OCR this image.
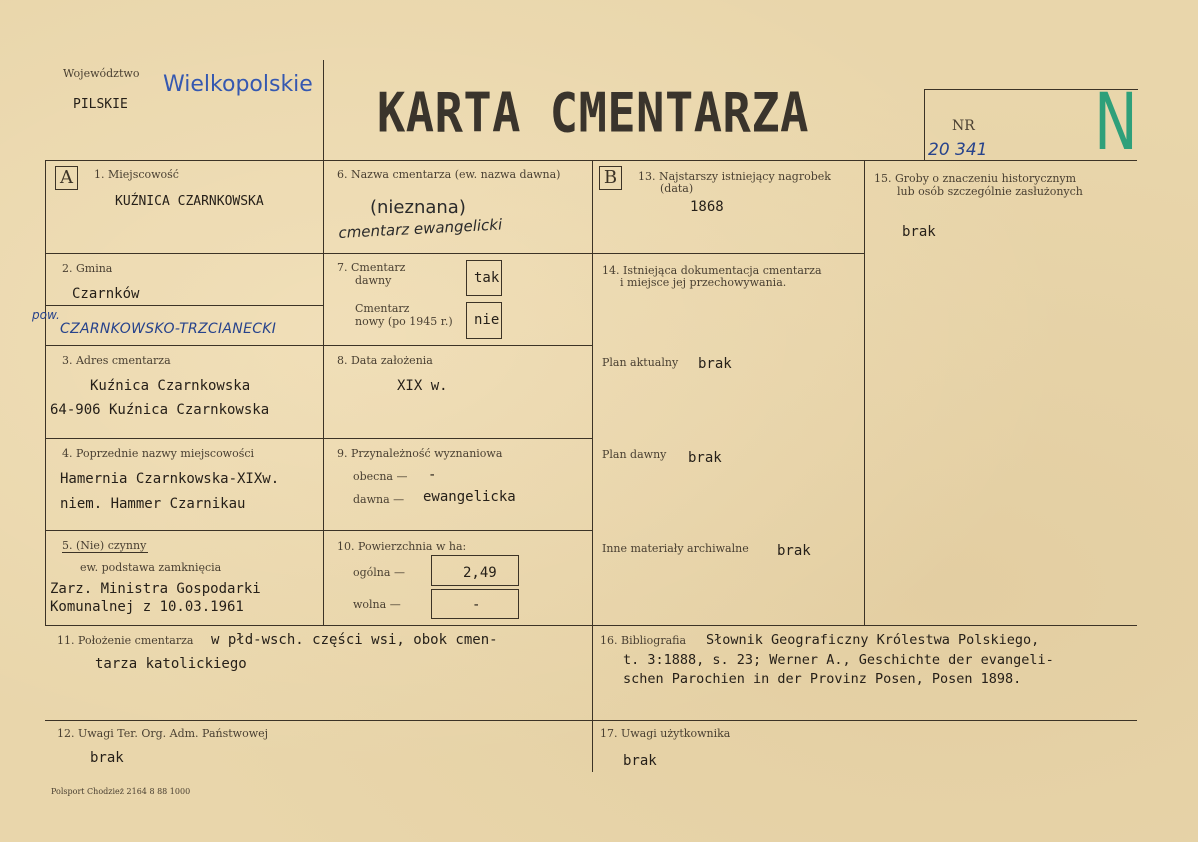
Województwo Wielkopolskie
PILSKIE	KARTA CMENTARZA	NR
20 341 N
A	1. Miejscowość
KUŹNICA CZARNKOWSKA
2. Gmina
Czarnków
pow.
CZARNKOWSKO-TRZCIANECKI
3. Adres cmentarza
Kuźnica Czarnkowska
64-906 Kuźnica Czarnkowska
4. Poprzednie nazwy miejscowości
Hamernia Czarnkowska-XIXw.
niem. Hammer Czarnikau
5. (Nie) czynny
ew. podstawa zamknięcia
Zarz. Ministra Gospodarki
Komunalnej z 10.03.1961
6. Nazwa cmentarza (ew. nazwa dawna)
(nieznana)
cmentarz ewangelicki
7. Cmentarz
dawny	tak
Cmentarz
nowy (po 1945 r.) nie
8. Data założenia
XIX w.
9. Przynależność wyznaniowa
obecna — -
dawna — ewangelicka
10. Powierzchnia w ha:
ogólna —	2,49
wolna —	-
B	13. Najstarszy istniejący nagrobek
(data)
1868
14. Istniejąca dokumentacja cmentarza
i miejsce jej przechowywania.
Plan aktualny brak
Plan dawny brak
Inne materiały archiwalne brak
15. Groby o znaczeniu historycznym
lub osób szczególnie zasłużonych
brak
11. Położenie cmentarza w płd-wsch. części wsi, obok cmen-
tarza katolickiego
16. Bibliografia Słownik Geograficzny Królestwa Polskiego,
t. 3:1888, s. 23; Werner A., Geschichte der evangeli-
schen Parochien in der Provinz Posen, Posen 1898.
12. Uwagi Ter. Org. Adm. Państwowej
brak
17. Uwagi użytkownika
brak
Polsport Chodzież 2164 8 88 1000
